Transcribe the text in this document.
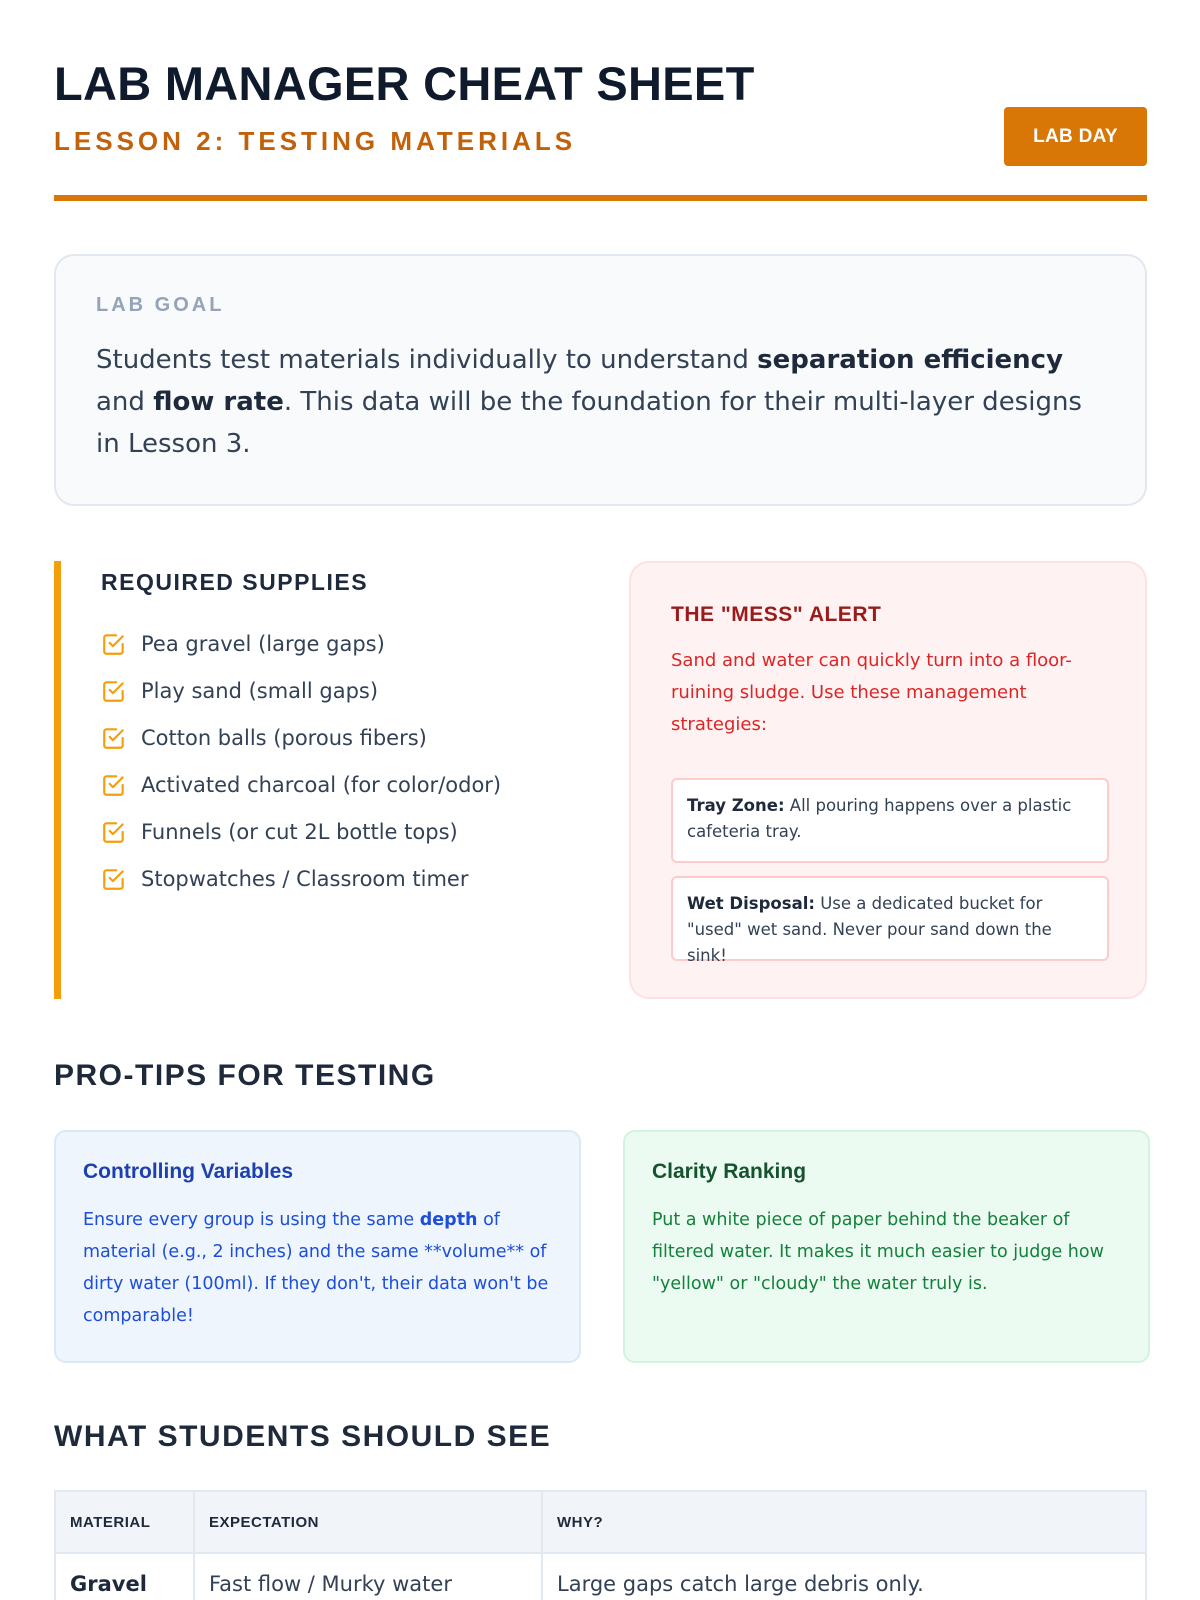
LAB MANAGER CHEAT SHEET
LESSON 2: TESTING MATERIALS	LAB DAY
LAB GOAL

Students test materials individually to understand separation efficiency and flow rate. This data will be the foundation for their multi-layer designs in Lesson 3.

REQUIRED SUPPLIES
Pea gravel (large gaps)
Play sand (small gaps)
Cotton balls (porous fibers)
Activated charcoal (for color/odor)
Funnels (or cut 2L bottle tops)
Stopwatches / Classroom timer
THE "MESS" ALERT

Sand and water can quickly turn into a floor-ruining sludge. Use these management strategies:

Tray Zone: All pouring happens over a plastic cafeteria tray.
Wet Disposal: Use a dedicated bucket for "used" wet sand. Never pour sand down the sink!
PRO-TIPS FOR TESTING
Controlling Variables

Ensure every group is using the same depth of material (e.g., 2 inches) and the same **volume** of dirty water (100ml). If they don't, their data won't be comparable!

Clarity Ranking

Put a white piece of paper behind the beaker of filtered water. It makes it much easier to judge how "yellow" or "cloudy" the water truly is.

WHAT STUDENTS SHOULD SEE
MATERIAL	EXPECTATION	WHY?
Gravel	Fast flow / Murky water	Large gaps catch large debris only.
